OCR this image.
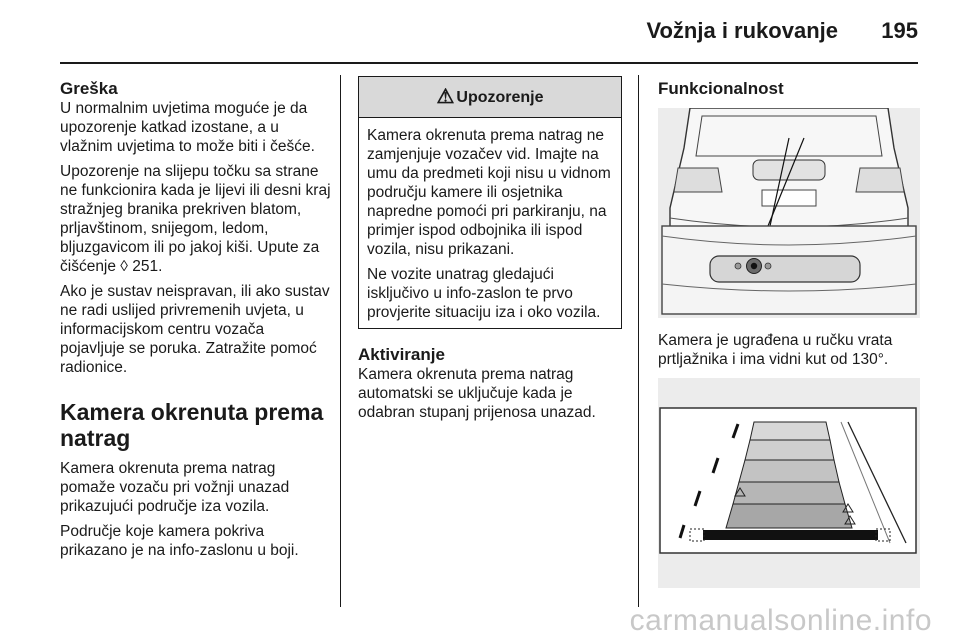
Vožnja i rukovanje 195
Greška

U normalnim uvjetima moguće je da upozorenje katkad izostane, a u vlažnim uvjetima to može biti i češće.

Upozorenje na slijepu točku sa strane ne funkcionira kada je lijevi ili desni kraj stražnjeg branika prekriven blatom, prljavštinom, snijegom, ledom, bljuzgavicom ili po jakoj kiši. Upute za čišćenje ◊ 251.

Ako je sustav neispravan, ili ako sustav ne radi uslijed privremenih uvjeta, u informacijskom centru vozača pojavljuje se poruka. Zatražite pomoć radionice.

Kamera okrenuta prema natrag

Kamera okrenuta prema natrag pomaže vozaču pri vožnji unazad prikazujući područje iza vozila.

Područje koje kamera pokriva prikazano je na info-zaslonu u boji.

⚠ Upozorenje

Kamera okrenuta prema natrag ne zamjenjuje vozačev vid. Imajte na umu da predmeti koji nisu u vidnom području kamere ili osjetnika napredne pomoći pri parkiranju, na primjer ispod odbojnika ili ispod vozila, nisu prikazani.

Ne vozite unatrag gledajući isključivo u info-zaslon te prvo provjerite situaciju iza i oko vozila.

Aktiviranje

Kamera okrenuta prema natrag automatski se uključuje kada je odabran stupanj prijenosa unazad.

Funkcionalnost

Kamera je ugrađena u ručku vrata prtljažnika i ima vidni kut od 130°.

carmanualsonline.info
